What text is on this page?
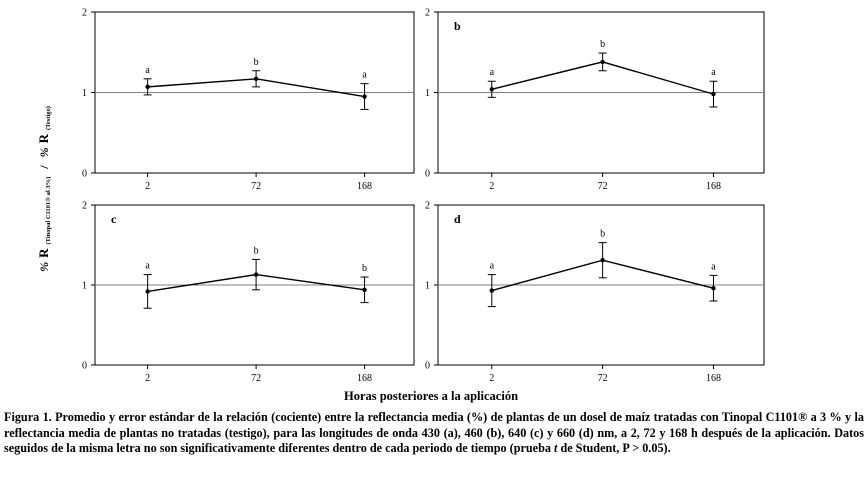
0
1
2
2	72	168
a
b
a
0
1
2
2	72	168
a
b
a
b
0
1
2
2	72	168
a
b
b
c
0
1
2
2	72	168
a
b
a
d
% R (Tinopal C1101® al 3%) / % R (Testigo)
Horas posteriores a la aplicación
Figura 1. Promedio y error estándar de la relación (cociente) entre la reflectancia media (%) de plantas de un dosel de maíz tratadas con Tinopal C1101® a 3 % y la reflectancia media de plantas no tratadas (testigo), para las longitudes de onda 430 (a), 460 (b), 640 (c) y 660 (d) nm, a 2, 72 y 168 h después de la aplicación. Datos seguidos de la misma letra no son significativamente diferentes dentro de cada periodo de tiempo (prueba t de Student, P > 0.05).
